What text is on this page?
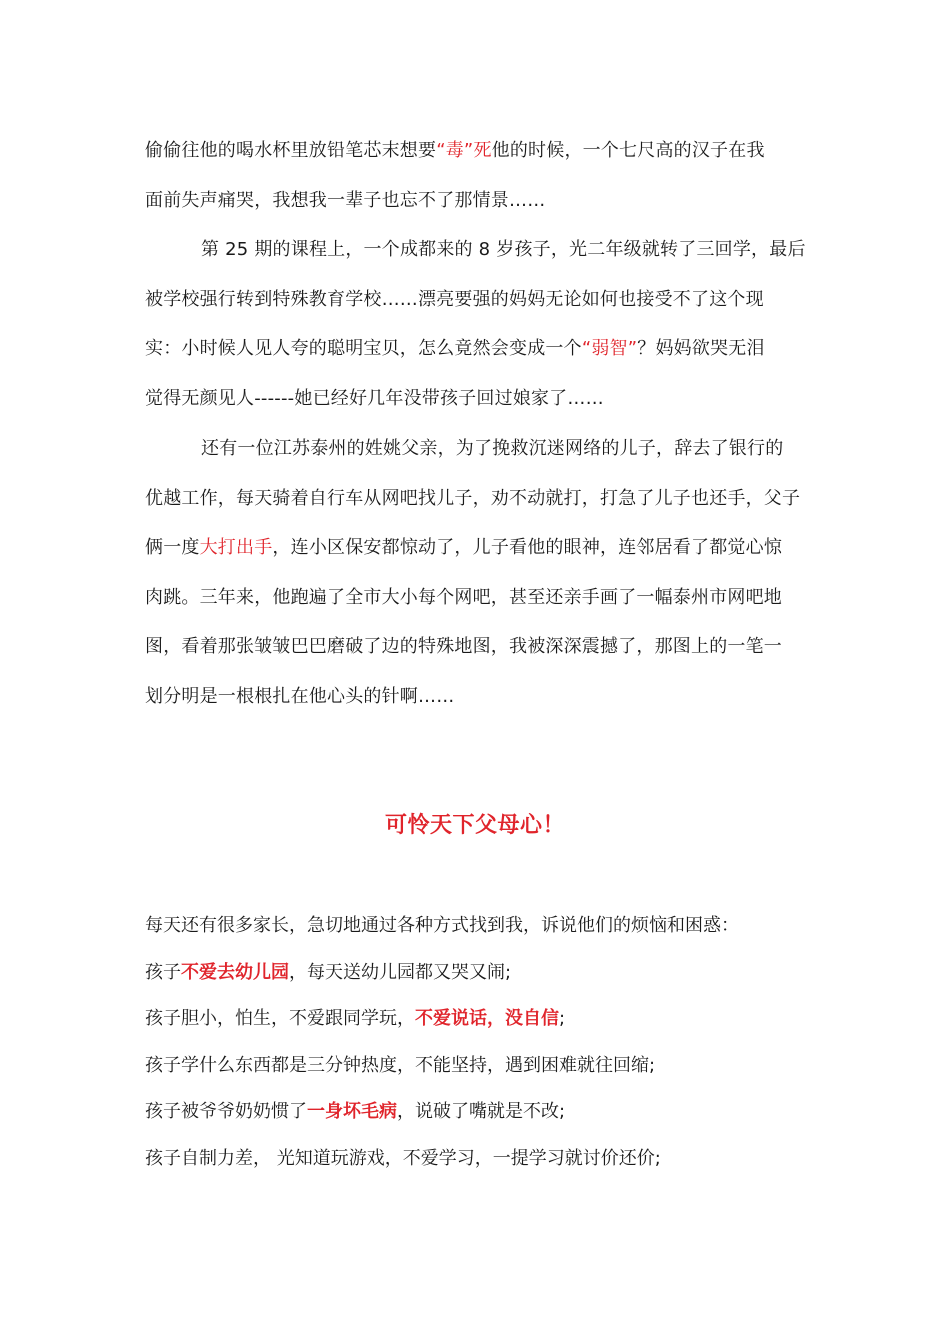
偷偷往他的喝水杯里放铅笔芯末想要“毒”死他的时候，一个七尺高的汉子在我
面前失声痛哭，我想我一辈子也忘不了那情景……

第 25 期的课程上，一个成都来的 8 岁孩子，光二年级就转了三回学，最后
被学校强行转到特殊教育学校……漂亮要强的妈妈无论如何也接受不了这个现
实：小时候人见人夸的聪明宝贝，怎么竟然会变成一个“弱智”？妈妈欲哭无泪
觉得无颜见人------她已经好几年没带孩子回过娘家了……

还有一位江苏泰州的姓姚父亲，为了挽救沉迷网络的儿子，辞去了银行的
优越工作，每天骑着自行车从网吧找儿子，劝不动就打，打急了儿子也还手，父子
俩一度大打出手，连小区保安都惊动了，儿子看他的眼神，连邻居看了都觉心惊
肉跳。三年来，他跑遍了全市大小每个网吧，甚至还亲手画了一幅泰州市网吧地
图，看着那张皱皱巴巴磨破了边的特殊地图，我被深深震撼了，那图上的一笔一
划分明是一根根扎在他心头的针啊……

可怜天下父母心！
每天还有很多家长，急切地通过各种方式找到我，诉说他们的烦恼和困惑：
孩子不爱去幼儿园，每天送幼儿园都又哭又闹;
孩子胆小，怕生，不爱跟同学玩，不爱说话，没自信;
孩子学什么东西都是三分钟热度，不能坚持，遇到困难就往回缩;
孩子被爷爷奶奶惯了一身坏毛病，说破了嘴就是不改;
孩子自制力差， 光知道玩游戏，不爱学习，一提学习就讨价还价;
